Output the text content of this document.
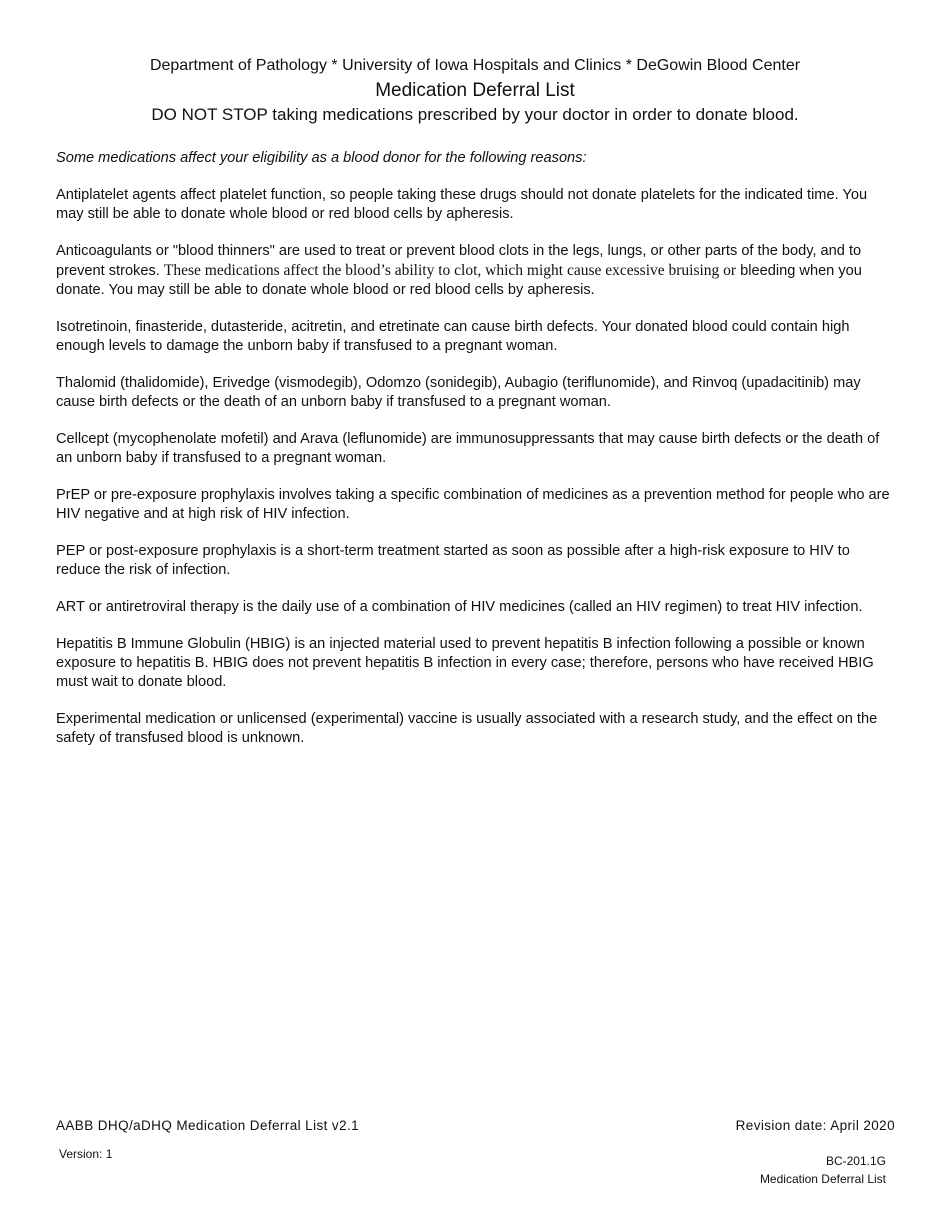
Department of Pathology * University of Iowa Hospitals and Clinics * DeGowin Blood Center

Medication Deferral List

DO NOT STOP taking medications prescribed by your doctor in order to donate blood.

Some medications affect your eligibility as a blood donor for the following reasons:

Antiplatelet agents affect platelet function, so people taking these drugs should not donate platelets for the indicated time. You may still be able to donate whole blood or red blood cells by apheresis.

Anticoagulants or "blood thinners" are used to treat or prevent blood clots in the legs, lungs, or other parts of the body, and to prevent strokes. These medications affect the blood’s ability to clot, which might cause excessive bruising or bleeding when you donate. You may still be able to donate whole blood or red blood cells by apheresis.

Isotretinoin, finasteride, dutasteride, acitretin, and etretinate can cause birth defects. Your donated blood could contain high enough levels to damage the unborn baby if transfused to a pregnant woman.

Thalomid (thalidomide), Erivedge (vismodegib), Odomzo (sonidegib), Aubagio (teriflunomide), and Rinvoq (upadacitinib) may cause birth defects or the death of an unborn baby if transfused to a pregnant woman.

Cellcept (mycophenolate mofetil) and Arava (leflunomide) are immunosuppressants that may cause birth defects or the death of an unborn baby if transfused to a pregnant woman.

PrEP or pre-exposure prophylaxis involves taking a specific combination of medicines as a prevention method for people who are HIV negative and at high risk of HIV infection.

PEP or post-exposure prophylaxis is a short-term treatment started as soon as possible after a high-risk exposure to HIV to reduce the risk of infection.

ART or antiretroviral therapy is the daily use of a combination of HIV medicines (called an HIV regimen) to treat HIV infection.

Hepatitis B Immune Globulin (HBIG) is an injected material used to prevent hepatitis B infection following a possible or known exposure to hepatitis B. HBIG does not prevent hepatitis B infection in every case; therefore, persons who have received HBIG must wait to donate blood.

Experimental medication or unlicensed (experimental) vaccine is usually associated with a research study, and the effect on the safety of transfused blood is unknown.

AABB DHQ/aDHQ Medication Deferral List v2.1	Revision date: April 2020
Version: 1	BC-201.1G
Medication Deferral List
